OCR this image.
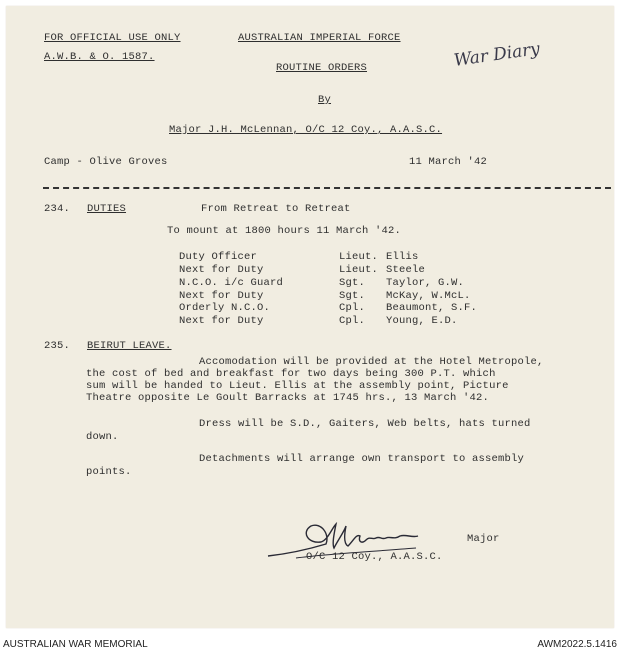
FOR OFFICIAL USE ONLY
A.W.B. & O. 1587.
AUSTRALIAN IMPERIAL FORCE
ROUTINE ORDERS
By
Major J.H. McLennan, O/C 12 Coy., A.A.S.C.
Camp - Olive Groves	11 March '42
War Diary
234. DUTIES	From Retreat to Retreat
To mount at 1800 hours 11 March '42.
Duty Officer	Lieut. Ellis
Next for Duty	Lieut. Steele
N.C.O. i/c Guard	Sgt. Taylor, G.W.
Next for Duty	Sgt. McKay, W.McL.
Orderly N.C.O.	Cpl. Beaumont, S.F.
Next for Duty	Cpl. Young, E.D.
235. BEIRUT LEAVE.
Accomodation will be provided at the Hotel Metropole,
the cost of bed and breakfast for two days being 300 P.T. which
sum will be handed to Lieut. Ellis at the assembly point, Picture
Theatre opposite Le Goult Barracks at 1745 hrs., 13 March '42.
Dress will be S.D., Gaiters, Web belts, hats turned
down.
Detachments will arrange own transport to assembly
points.
Major
O/C 12 Coy., A.A.S.C.
AUSTRALIAN WAR MEMORIAL	AWM2022.5.1416
